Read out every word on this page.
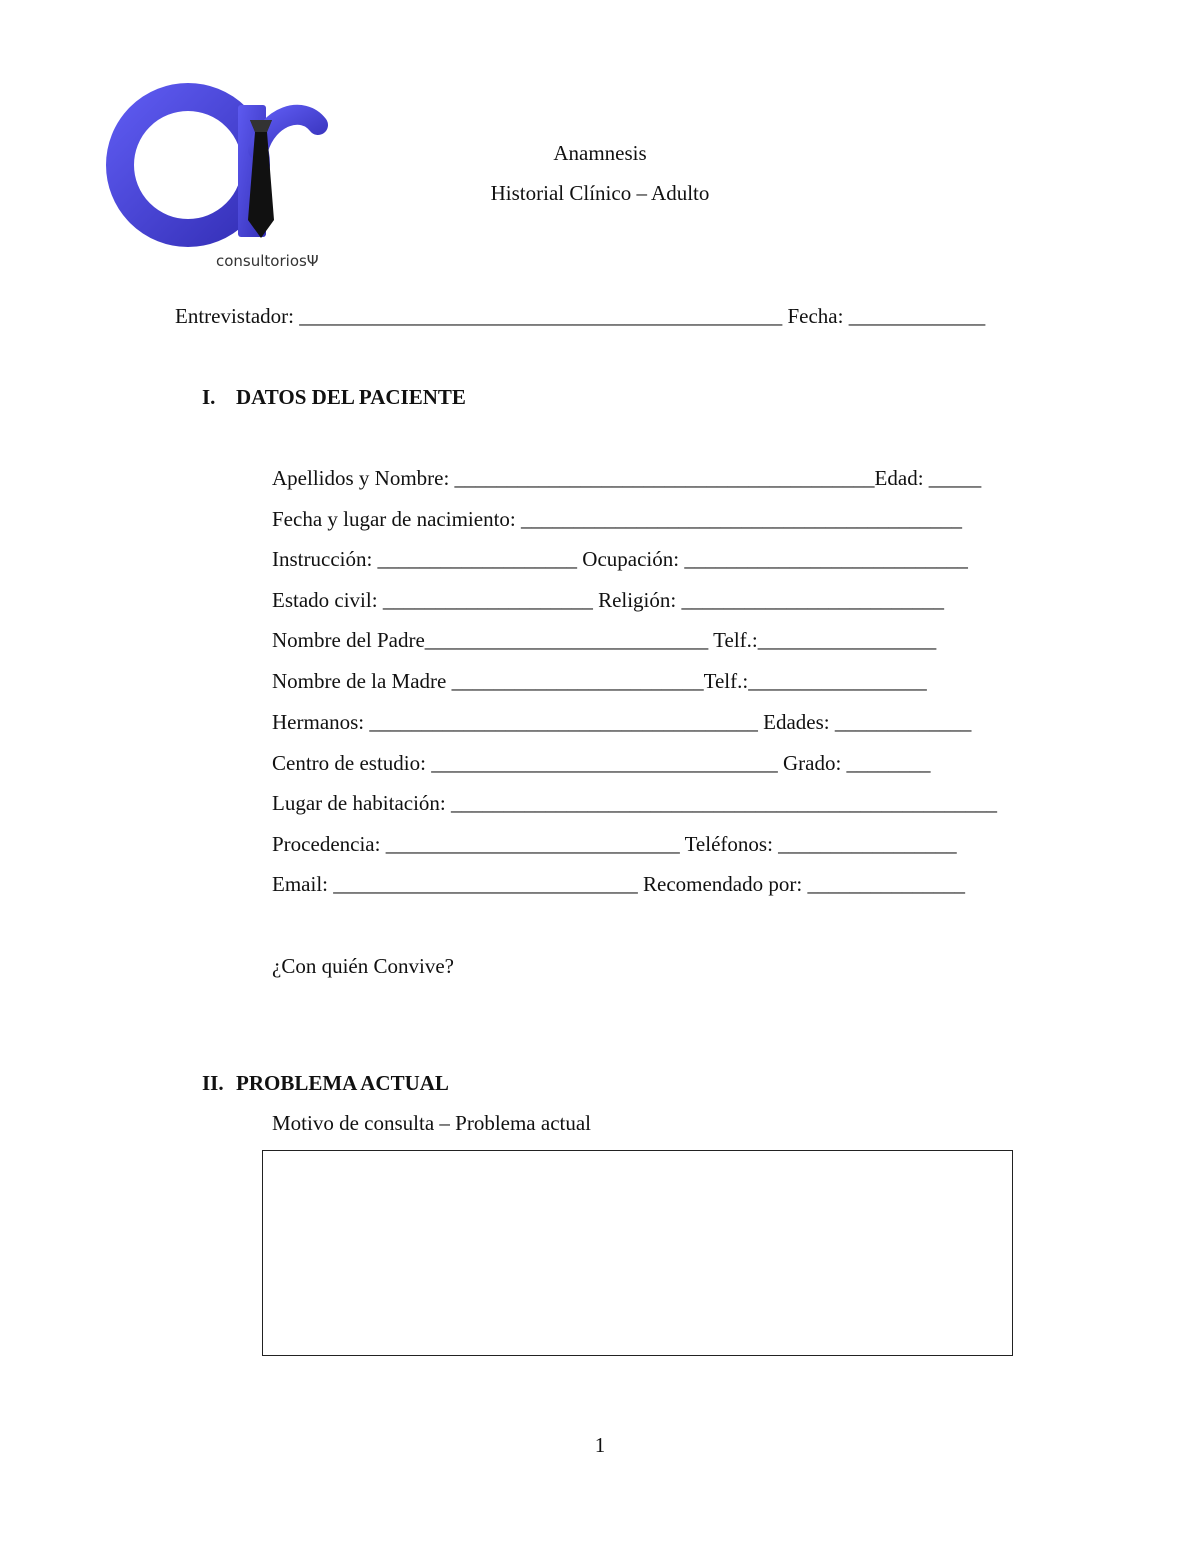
consultoriosΨ
Anamnesis
Historial Clínico – Adulto
Entrevistador: ______________________________________________ Fecha: _____________
I. DATOS DEL PACIENTE
Apellidos y Nombre: ________________________________________Edad: _____
Fecha y lugar de nacimiento: __________________________________________
Instrucción: ___________________ Ocupación: ___________________________
Estado civil: ____________________ Religión: _________________________
Nombre del Padre___________________________ Telf.:_________________
Nombre de la Madre ________________________Telf.:_________________
Hermanos: _____________________________________ Edades: _____________
Centro de estudio: _________________________________ Grado: ________
Lugar de habitación: ____________________________________________________
Procedencia: ____________________________ Teléfonos: _________________
Email: _____________________________ Recomendado por: _______________
¿Con quién Convive?
II. PROBLEMA ACTUAL
Motivo de consulta – Problema actual
1
